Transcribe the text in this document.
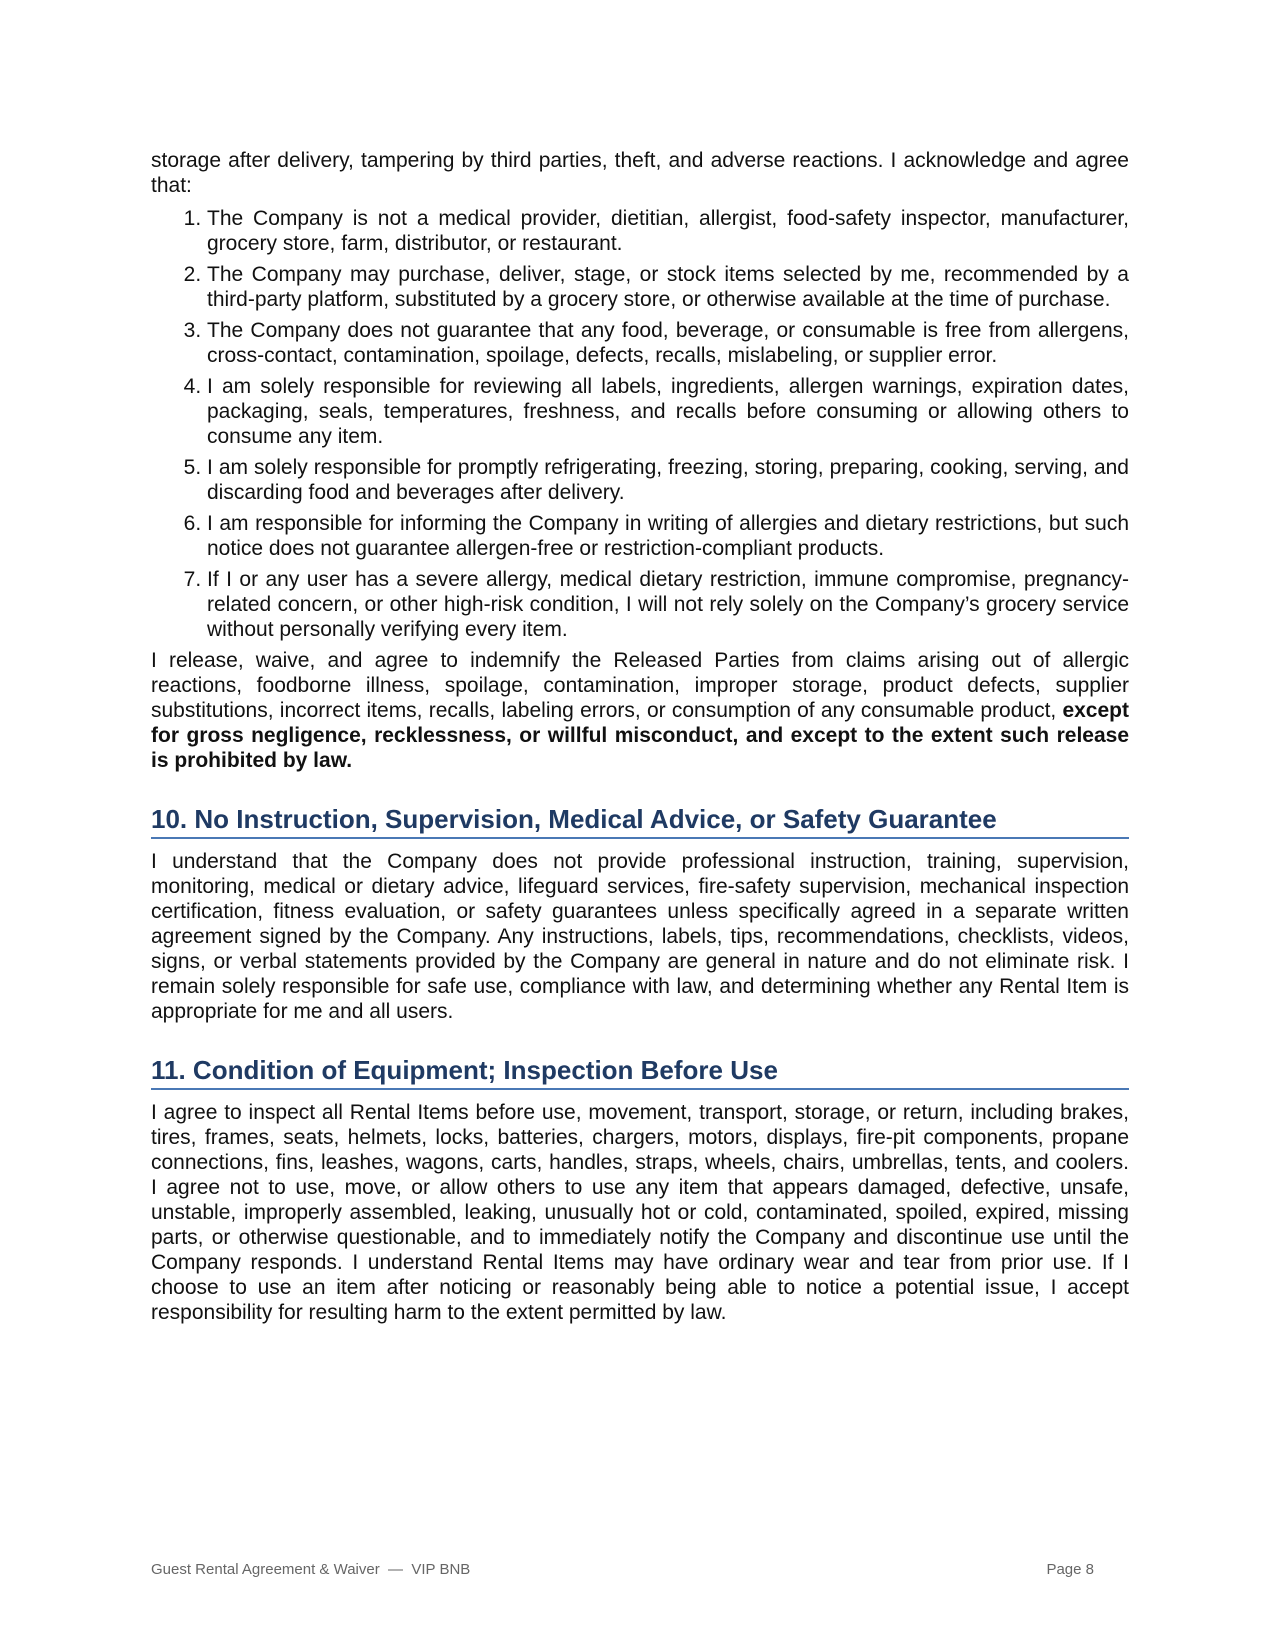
storage after delivery, tampering by third parties, theft, and adverse reactions. I acknowledge and agree that:

1. The Company is not a medical provider, dietitian, allergist, food-safety inspector, manufacturer, grocery store, farm, distributor, or restaurant.
2. The Company may purchase, deliver, stage, or stock items selected by me, recommended by a third-party platform, substituted by a grocery store, or otherwise available at the time of purchase.
3. The Company does not guarantee that any food, beverage, or consumable is free from allergens, cross-contact, contamination, spoilage, defects, recalls, mislabeling, or supplier error.
4. I am solely responsible for reviewing all labels, ingredients, allergen warnings, expiration dates, packaging, seals, temperatures, freshness, and recalls before consuming or allowing others to consume any item.
5. I am solely responsible for promptly refrigerating, freezing, storing, preparing, cooking, serving, and discarding food and beverages after delivery.
6. I am responsible for informing the Company in writing of allergies and dietary restrictions, but such notice does not guarantee allergen-free or restriction-compliant products.
7. If I or any user has a severe allergy, medical dietary restriction, immune compromise, pregnancy-related concern, or other high-risk condition, I will not rely solely on the Company’s grocery service without personally verifying every item.

I release, waive, and agree to indemnify the Released Parties from claims arising out of allergic reactions, foodborne illness, spoilage, contamination, improper storage, product defects, supplier substitutions, incorrect items, recalls, labeling errors, or consumption of any consumable product, except for gross negligence, recklessness, or willful misconduct, and except to the extent such release is prohibited by law.

10. No Instruction, Supervision, Medical Advice, or Safety Guarantee

I understand that the Company does not provide professional instruction, training, supervision, monitoring, medical or dietary advice, lifeguard services, fire-safety supervision, mechanical inspection certification, fitness evaluation, or safety guarantees unless specifically agreed in a separate written agreement signed by the Company. Any instructions, labels, tips, recommendations, checklists, videos, signs, or verbal statements provided by the Company are general in nature and do not eliminate risk. I remain solely responsible for safe use, compliance with law, and determining whether any Rental Item is appropriate for me and all users.

11. Condition of Equipment; Inspection Before Use

I agree to inspect all Rental Items before use, movement, transport, storage, or return, including brakes, tires, frames, seats, helmets, locks, batteries, chargers, motors, displays, fire-pit components, propane connections, fins, leashes, wagons, carts, handles, straps, wheels, chairs, umbrellas, tents, and coolers. I agree not to use, move, or allow others to use any item that appears damaged, defective, unsafe, unstable, improperly assembled, leaking, unusually hot or cold, contaminated, spoiled, expired, missing parts, or otherwise questionable, and to immediately notify the Company and discontinue use until the Company responds. I understand Rental Items may have ordinary wear and tear from prior use. If I choose to use an item after noticing or reasonably being able to notice a potential issue, I accept responsibility for resulting harm to the extent permitted by law.

Guest Rental Agreement & Waiver  —  VIP BNB	Page 8
